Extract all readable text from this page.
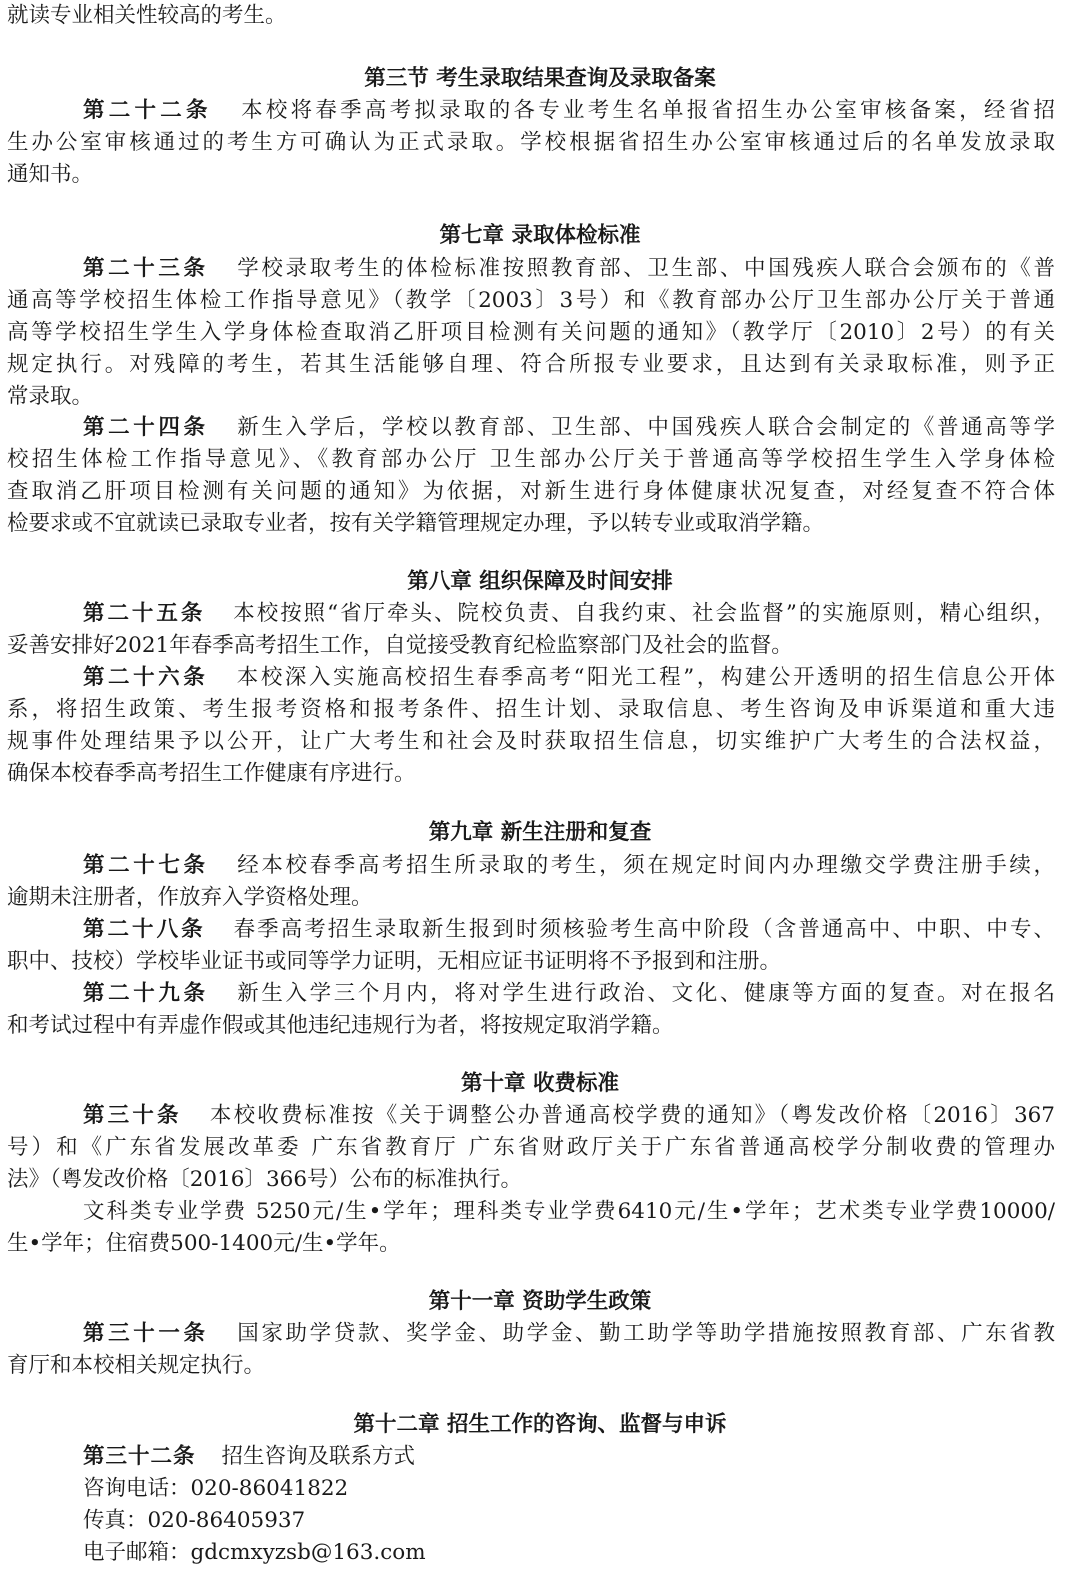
就读专业相关性较高的考生。
第三节 考生录取结果查询及录取备案
第二十二条 本校将春季高考拟录取的各专业考生名单报省招生办公室审核备案，经省招
生办公室审核通过的考生方可确认为正式录取。学校根据省招生办公室审核通过后的名单发放录取
通知书。
第七章 录取体检标准
第二十三条 学校录取考生的体检标准按照教育部、卫生部、中国残疾人联合会颁布的《普
通高等学校招生体检工作指导意见》（教学〔2003〕3号）和《教育部办公厅卫生部办公厅关于普通
高等学校招生学生入学身体检查取消乙肝项目检测有关问题的通知》（教学厅〔2010〕2号）的有关
规定执行。对残障的考生，若其生活能够自理、符合所报专业要求，且达到有关录取标准，则予正
常录取。
第二十四条 新生入学后，学校以教育部、卫生部、中国残疾人联合会制定的《普通高等学
校招生体检工作指导意见》、《教育部办公厅 卫生部办公厅关于普通高等学校招生学生入学身体检
查取消乙肝项目检测有关问题的通知》为依据，对新生进行身体健康状况复查，对经复查不符合体
检要求或不宜就读已录取专业者，按有关学籍管理规定办理，予以转专业或取消学籍。
第八章 组织保障及时间安排
第二十五条 本校按照“省厅牵头、院校负责、自我约束、社会监督”的实施原则，精心组织，
妥善安排好2021年春季高考招生工作，自觉接受教育纪检监察部门及社会的监督。
第二十六条 本校深入实施高校招生春季高考“阳光工程”，构建公开透明的招生信息公开体
系，将招生政策、考生报考资格和报考条件、招生计划、录取信息、考生咨询及申诉渠道和重大违
规事件处理结果予以公开，让广大考生和社会及时获取招生信息，切实维护广大考生的合法权益，
确保本校春季高考招生工作健康有序进行。
第九章 新生注册和复查
第二十七条 经本校春季高考招生所录取的考生，须在规定时间内办理缴交学费注册手续，
逾期未注册者，作放弃入学资格处理。
第二十八条 春季高考招生录取新生报到时须核验考生高中阶段（含普通高中、中职、中专、
职中、技校）学校毕业证书或同等学力证明，无相应证书证明将不予报到和注册。
第二十九条 新生入学三个月内，将对学生进行政治、文化、健康等方面的复查。对在报名
和考试过程中有弄虚作假或其他违纪违规行为者，将按规定取消学籍。
第十章 收费标准
第三十条 本校收费标准按《关于调整公办普通高校学费的通知》（粤发改价格〔2016〕367
号）和《广东省发展改革委 广东省教育厅 广东省财政厅关于广东省普通高校学分制收费的管理办
法》（粤发改价格〔2016〕366号）公布的标准执行。
文科类专业学费 5250元/生•学年；理科类专业学费6410元/生•学年；艺术类专业学费10000/
生•学年；住宿费500-1400元/生•学年。
第十一章 资助学生政策
第三十一条 国家助学贷款、奖学金、助学金、勤工助学等助学措施按照教育部、广东省教
育厅和本校相关规定执行。
第十二章 招生工作的咨询、监督与申诉
第三十二条 招生咨询及联系方式
咨询电话：020-86041822
传真：020-86405937
电子邮箱：gdcmxyzsb@163.com
